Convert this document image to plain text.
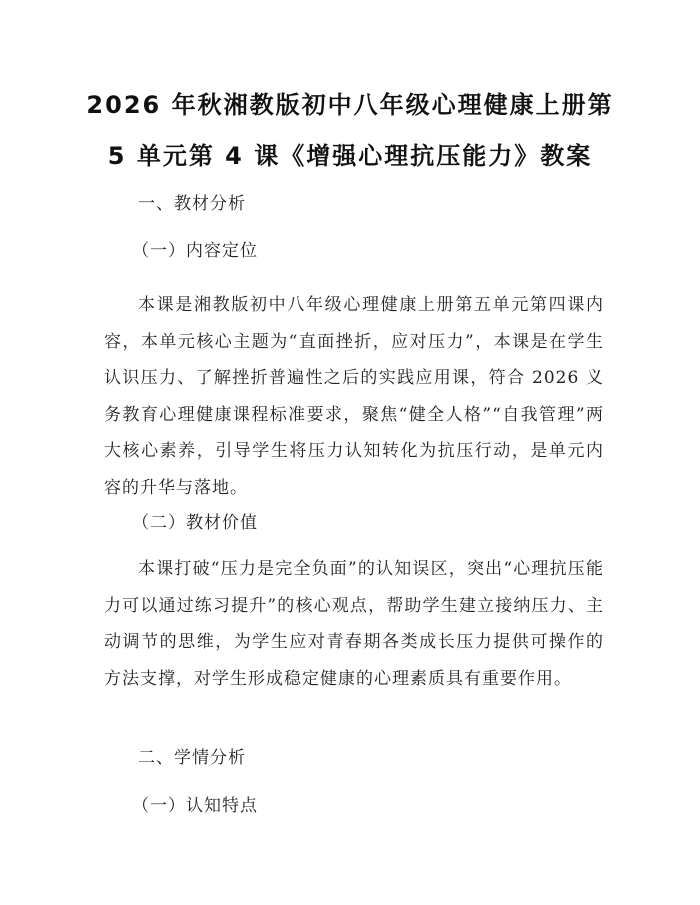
2026 年秋湘教版初中八年级心理健康上册第
5 单元第 4 课《增强心理抗压能力》教案
一、教材分析
（一）内容定位

本课是湘教版初中八年级心理健康上册第五单元第四课内容，本单元核心主题为“直面挫折，应对压力”，本课是在学生认识压力、了解挫折普遍性之后的实践应用课，符合 2026 义务教育心理健康课程标准要求，聚焦“健全人格”“自我管理”两大核心素养，引导学生将压力认知转化为抗压行动，是单元内容的升华与落地。

（二）教材价值

本课打破“压力是完全负面”的认知误区，突出“心理抗压能力可以通过练习提升”的核心观点，帮助学生建立接纳压力、主动调节的思维，为学生应对青春期各类成长压力提供可操作的方法支撑，对学生形成稳定健康的心理素质具有重要作用。

二、学情分析
（一）认知特点
